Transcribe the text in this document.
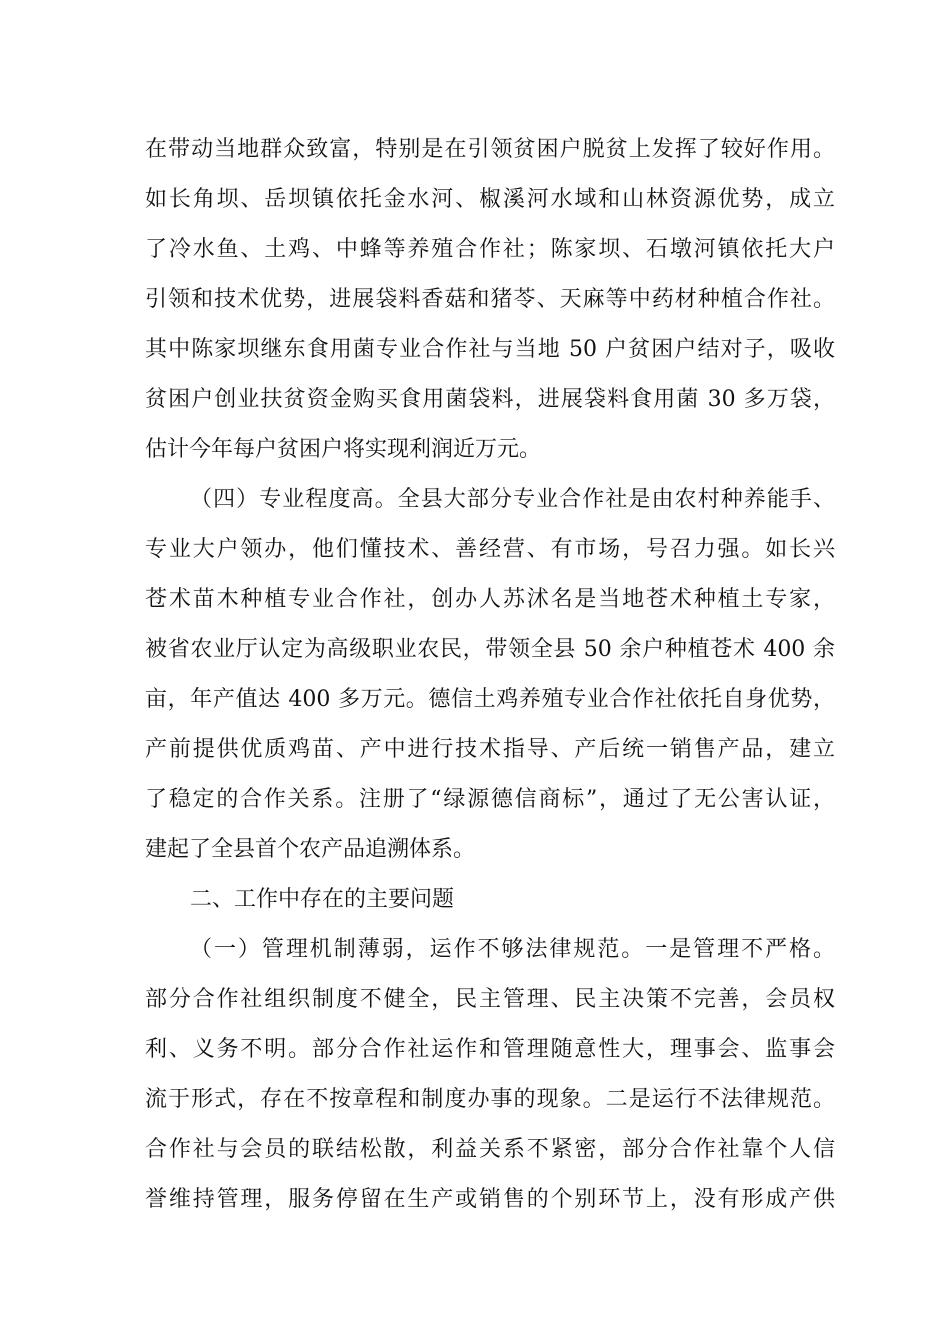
在带动当地群众致富，特别是在引领贫困户脱贫上发挥了较好作用。
如长角坝、岳坝镇依托金水河、椒溪河水域和山林资源优势，成立
了冷水鱼、土鸡、中蜂等养殖合作社；陈家坝、石墩河镇依托大户
引领和技术优势，进展袋料香菇和猪苓、天麻等中药材种植合作社。
其中陈家坝继东食用菌专业合作社与当地 50 户贫困户结对子，吸收
贫困户创业扶贫资金购买食用菌袋料，进展袋料食用菌 30 多万袋，
估计今年每户贫困户将实现利润近万元。
（四）专业程度高。全县大部分专业合作社是由农村种养能手、
专业大户领办，他们懂技术、善经营、有市场，号召力强。如长兴
苍术苗木种植专业合作社，创办人苏沭名是当地苍术种植土专家，
被省农业厅认定为高级职业农民，带领全县 50 余户种植苍术 400 余
亩，年产值达 400 多万元。德信土鸡养殖专业合作社依托自身优势，
产前提供优质鸡苗、产中进行技术指导、产后统一销售产品，建立
了稳定的合作关系。注册了“绿源德信商标”，通过了无公害认证，
建起了全县首个农产品追溯体系。
二、工作中存在的主要问题
（一）管理机制薄弱，运作不够法律规范。一是管理不严格。
部分合作社组织制度不健全，民主管理、民主决策不完善，会员权
利、义务不明。部分合作社运作和管理随意性大，理事会、监事会
流于形式，存在不按章程和制度办事的现象。二是运行不法律规范。
合作社与会员的联结松散，利益关系不紧密，部分合作社靠个人信
誉维持管理，服务停留在生产或销售的个别环节上，没有形成产供
